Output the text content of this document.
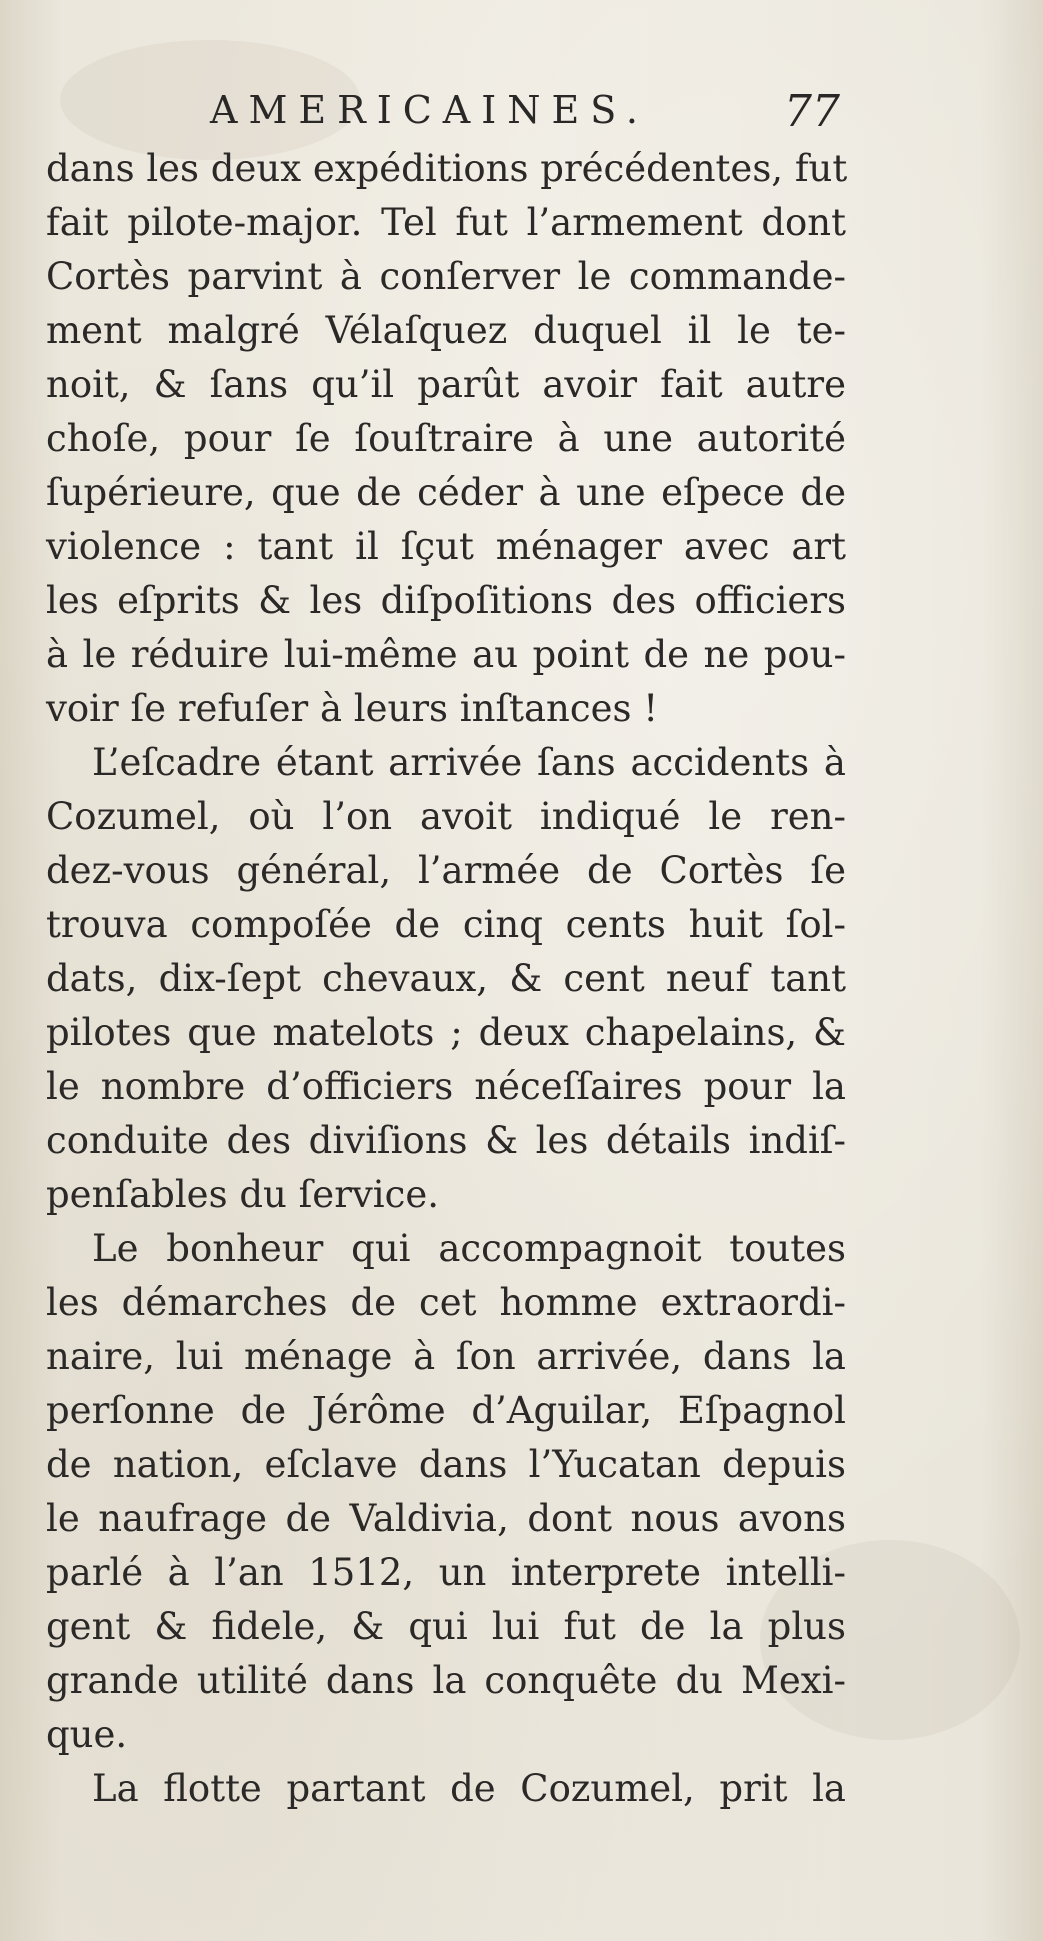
AMERICAINES.	77
dans les deux expéditions précédentes, fut
fait pilote-major. Tel fut l’armement dont
Cortès parvint à conſerver le commande-
ment malgré Vélaſquez duquel il le te-
noit, & ſans qu’il parût avoir fait autre
choſe, pour ſe ſouſtraire à une autorité
ſupérieure, que de céder à une eſpece de
violence : tant il ſçut ménager avec art
les eſprits & les diſpoſitions des officiers
à le réduire lui-même au point de ne pou-
voir ſe refuſer à leurs inſtances !
L’eſcadre étant arrivée ſans accidents à
Cozumel, où l’on avoit indiqué le ren-
dez-vous général, l’armée de Cortès ſe
trouva compoſée de cinq cents huit ſol-
dats, dix-ſept chevaux, & cent neuf tant
pilotes que matelots ; deux chapelains, &
le nombre d’officiers néceſſaires pour la
conduite des diviſions & les détails indiſ-
penſables du ſervice.
Le bonheur qui accompagnoit toutes
les démarches de cet homme extraordi-
naire, lui ménage à ſon arrivée, dans la
perſonne de Jérôme d’Aguilar, Eſpagnol
de nation, eſclave dans l’Yucatan depuis
le naufrage de Valdivia, dont nous avons
parlé à l’an 1512, un interprete intelli-
gent & fidele, & qui lui fut de la plus
grande utilité dans la conquête du Mexi-
que.
La flotte partant de Cozumel, prit la
